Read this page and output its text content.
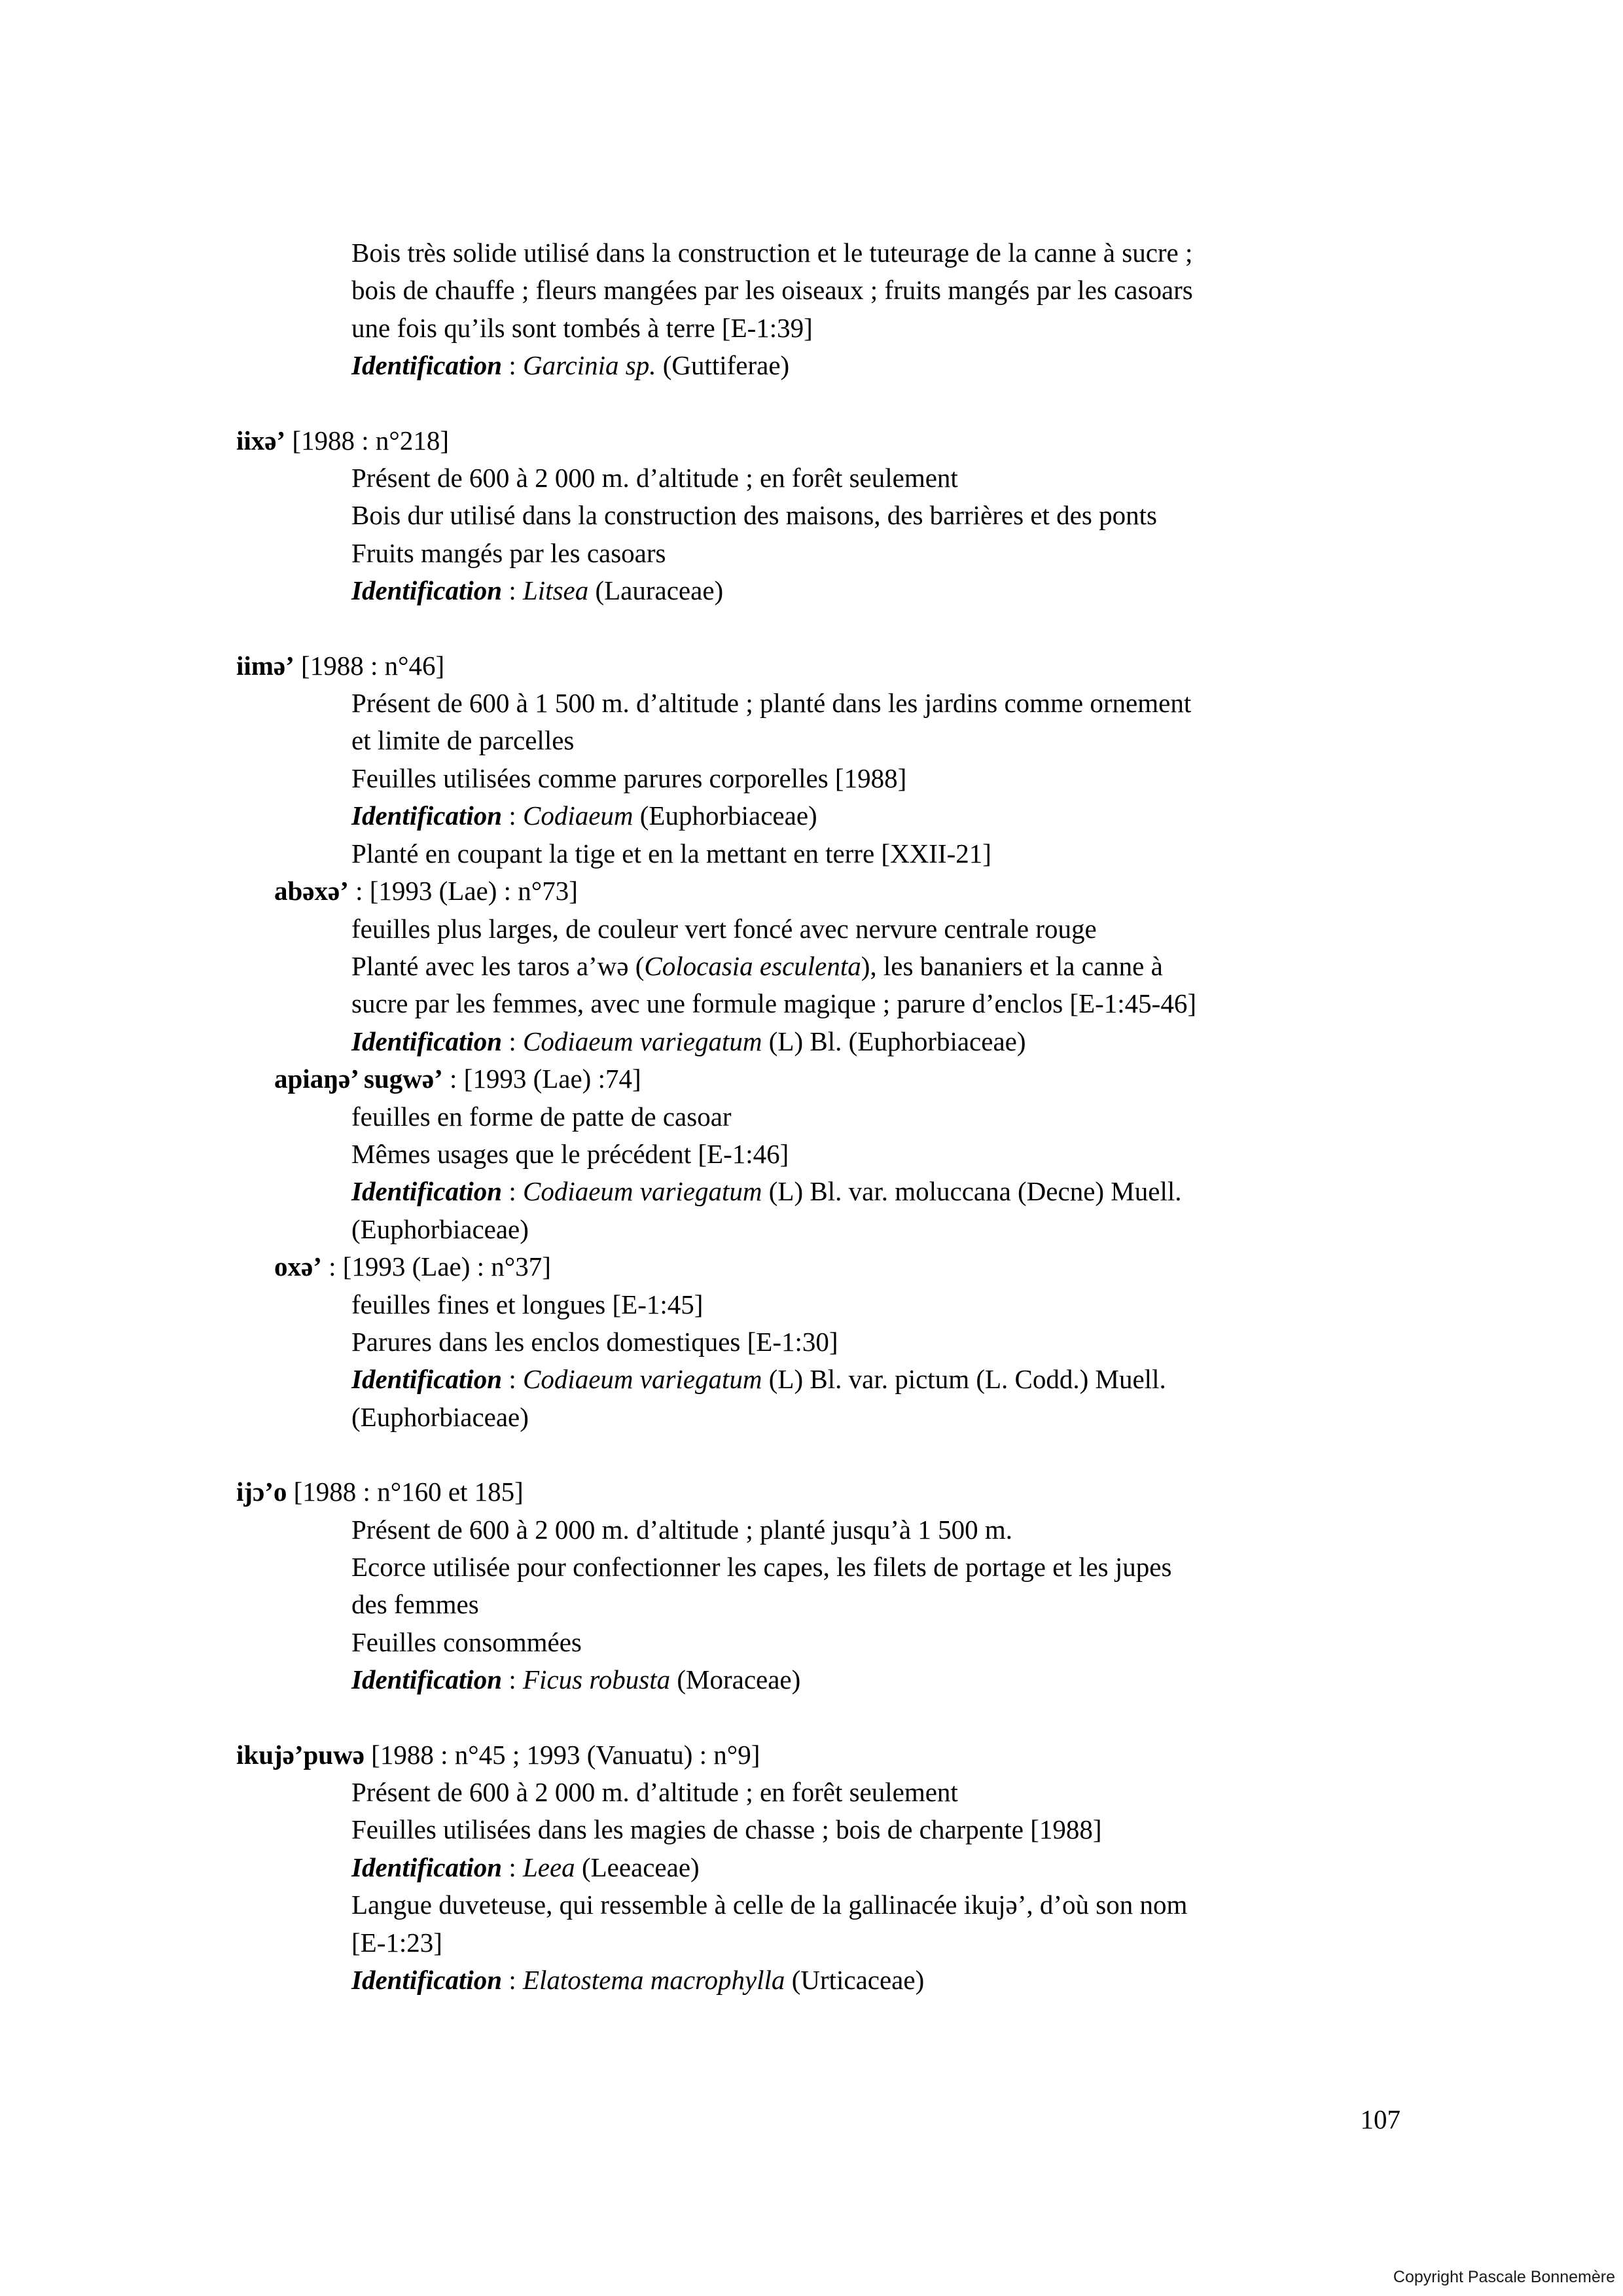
Bois très solide utilisé dans la construction et le tuteurage de la canne à sucre ;
bois de chauffe ; fleurs mangées par les oiseaux ; fruits mangés par les casoars
une fois qu’ils sont tombés à terre [E-1:39]
Identification : Garcinia sp. (Guttiferae)
iixə’ [1988 : n°218]
Présent de 600 à 2 000 m. d’altitude ; en forêt seulement
Bois dur utilisé dans la construction des maisons, des barrières et des ponts
Fruits mangés par les casoars
Identification : Litsea (Lauraceae)
iimə’ [1988 : n°46]
Présent de 600 à 1 500 m. d’altitude ; planté dans les jardins comme ornement
et limite de parcelles
Feuilles utilisées comme parures corporelles [1988]
Identification : Codiaeum (Euphorbiaceae)
Planté en coupant la tige et en la mettant en terre [XXII-21]
abəxə’ : [1993 (Lae) : n°73]
feuilles plus larges, de couleur vert foncé avec nervure centrale rouge
Planté avec les taros a’wə (Colocasia esculenta), les bananiers et la canne à
sucre par les femmes, avec une formule magique ; parure d’enclos [E-1:45-46]
Identification : Codiaeum variegatum (L) Bl. (Euphorbiaceae)
apiaŋə’ sugwə’ : [1993 (Lae) :74]
feuilles en forme de patte de casoar
Mêmes usages que le précédent [E-1:46]
Identification : Codiaeum variegatum (L) Bl. var. moluccana (Decne) Muell.
(Euphorbiaceae)
oxə’ : [1993 (Lae) : n°37]
feuilles fines et longues [E-1:45]
Parures dans les enclos domestiques [E-1:30]
Identification : Codiaeum variegatum (L) Bl. var. pictum (L. Codd.) Muell.
(Euphorbiaceae)
ijɔ’o [1988 : n°160 et 185]
Présent de 600 à 2 000 m. d’altitude ; planté jusqu’à 1 500 m.
Ecorce utilisée pour confectionner les capes, les filets de portage et les jupes
des femmes
Feuilles consommées
Identification : Ficus robusta (Moraceae)
ikujə’puwə [1988 : n°45 ; 1993 (Vanuatu) : n°9]
Présent de 600 à 2 000 m. d’altitude ; en forêt seulement
Feuilles utilisées dans les magies de chasse ; bois de charpente [1988]
Identification : Leea (Leeaceae)
Langue duveteuse, qui ressemble à celle de la gallinacée ikujə’, d’où son nom
[E-1:23]
Identification : Elatostema macrophylla (Urticaceae)
107
Copyright Pascale Bonnemère
